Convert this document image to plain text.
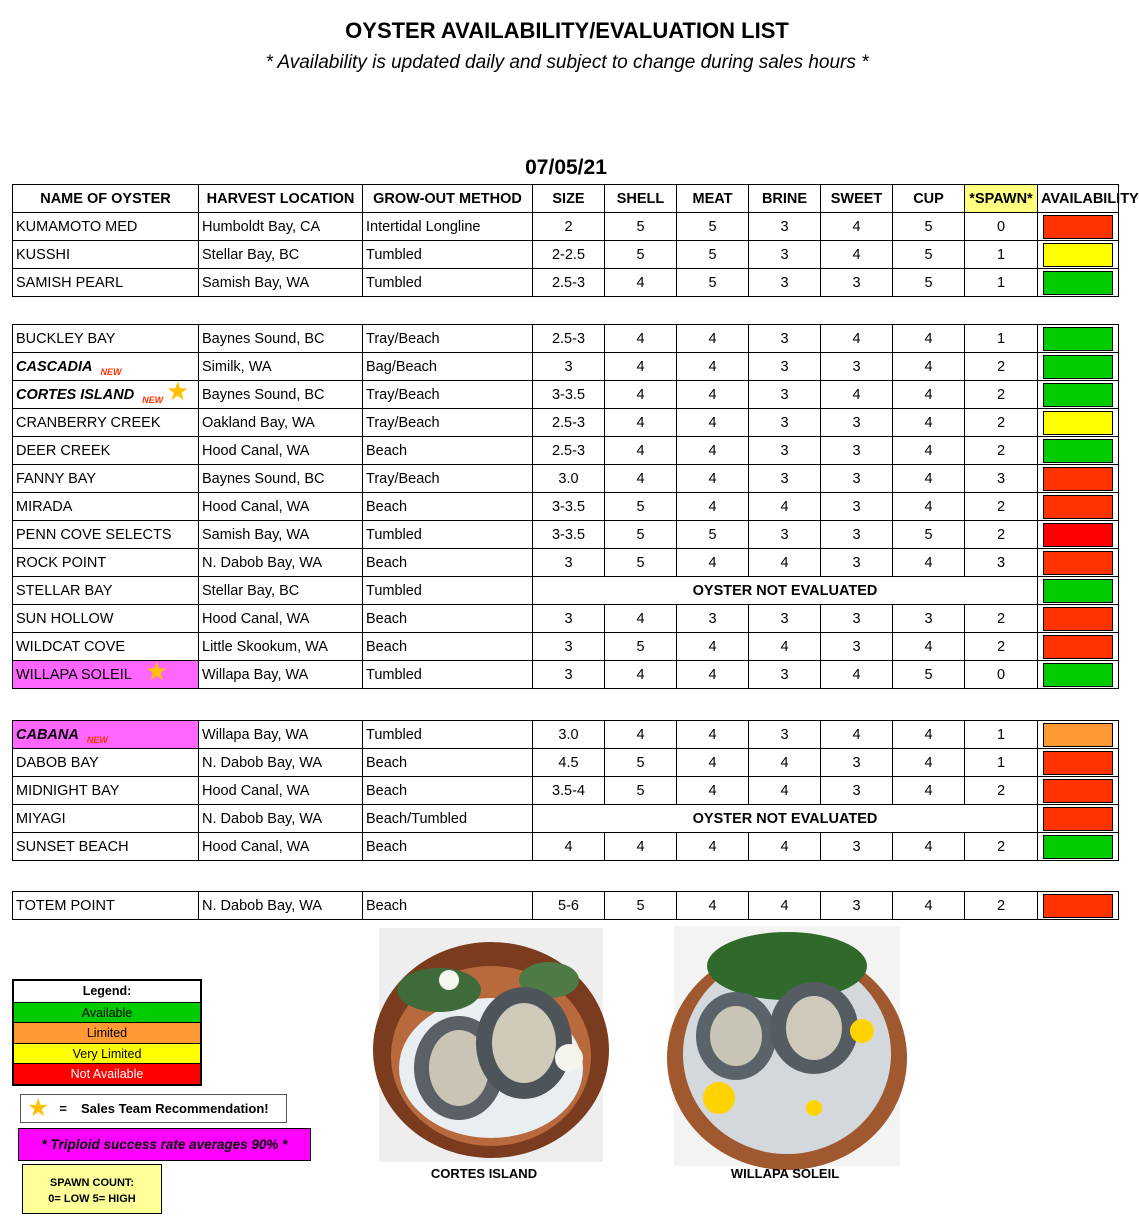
OYSTER AVAILABILITY/EVALUATION LIST
* Availability is updated daily and subject to change during sales hours *
07/05/21
NAME OF OYSTER	HARVEST LOCATION	GROW-OUT METHOD	SIZE	SHELL	MEAT	BRINE	SWEET	CUP	*SPAWN*	AVAILABILITY
KUMAMOTO MED	Humboldt Bay, CA	Intertidal Longline	2	5	5	3	4	5	0	

KUSSHI	Stellar Bay, BC	Tumbled	2-2.5	5	5	3	4	5	1	

SAMISH PEARL	Samish Bay, WA	Tumbled	2.5-3	4	5	3	3	5	1	
BUCKLEY BAY	Baynes Sound, BC	Tray/Beach	2.5-3	4	4	3	4	4	1	

CASCADIA $_{NEW}$	Similk, WA	Bag/Beach	3	4	4	3	3	4	2	

CORTES ISLAND $_{NEW}$ ★	Baynes Sound, BC	Tray/Beach	3-3.5	4	4	3	4	4	2	

CRANBERRY CREEK	Oakland Bay, WA	Tray/Beach	2.5-3	4	4	3	3	4	2	

DEER CREEK	Hood Canal, WA	Beach	2.5-3	4	4	3	3	4	2	

FANNY BAY	Baynes Sound, BC	Tray/Beach	3.0	4	4	3	3	4	3	

MIRADA	Hood Canal, WA	Beach	3-3.5	5	4	4	3	4	2	

PENN COVE SELECTS	Samish Bay, WA	Tumbled	3-3.5	5	5	3	3	5	2	

ROCK POINT	N. Dabob Bay, WA	Beach	3	5	4	4	3	4	3	

STELLAR BAY	Stellar Bay, BC	Tumbled	OYSTER NOT EVALUATED							

SUN HOLLOW	Hood Canal, WA	Beach	3	4	3	3	3	3	2	

WILDCAT COVE	Little Skookum, WA	Beach	3	5	4	4	3	4	2	

WILLAPA SOLEIL ★	Willapa Bay, WA	Tumbled	3	4	4	3	4	5	0	
CABANA $_{NEW}$	Willapa Bay, WA	Tumbled	3.0	4	4	3	4	4	1	

DABOB BAY	N. Dabob Bay, WA	Beach	4.5	5	4	4	3	4	1	

MIDNIGHT BAY	Hood Canal, WA	Beach	3.5-4	5	4	4	3	4	2	

MIYAGI	N. Dabob Bay, WA	Beach/Tumbled	OYSTER NOT EVALUATED							

SUNSET BEACH	Hood Canal, WA	Beach	4	4	4	4	3	4	2	
TOTEM POINT	N. Dabob Bay, WA	Beach	5-6	5	4	4	3	4	2	
Legend:
Available
Limited
Very Limited
Not Available
★ = Sales Team Recommendation!
* Triploid success rate averages 90% *
SPAWN COUNT:
0= LOW 5= HIGH
CORTES ISLAND	WILLAPA SOLEIL
